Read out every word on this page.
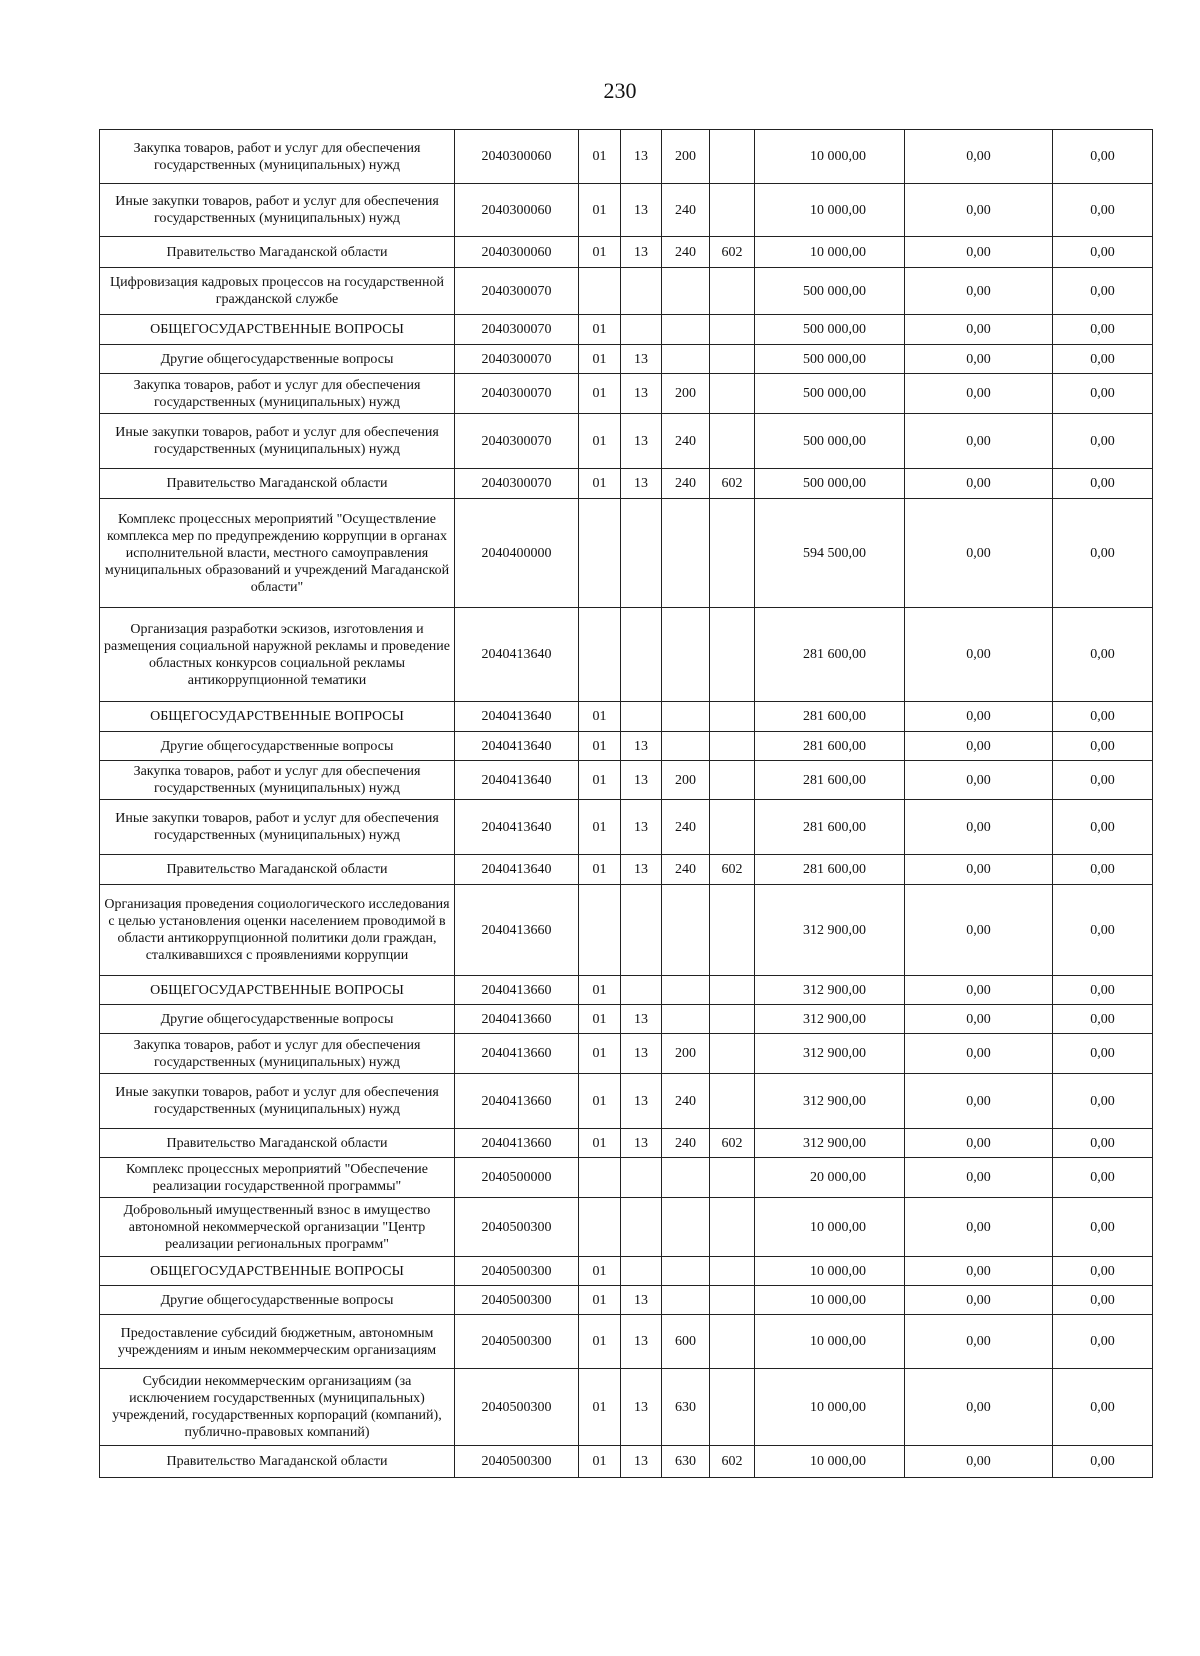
230
Закупка товаров, работ и услуг для обеспечения государственных (муниципальных) нужд	2040300060	01	13	200		10 000,00	0,00	0,00
Иные закупки товаров, работ и услуг для обеспечения государственных (муниципальных) нужд	2040300060	01	13	240		10 000,00	0,00	0,00
Правительство Магаданской области	2040300060	01	13	240	602	10 000,00	0,00	0,00
Цифровизация кадровых процессов на государственной гражданской службе	2040300070					500 000,00	0,00	0,00
ОБЩЕГОСУДАРСТВЕННЫЕ ВОПРОСЫ	2040300070	01				500 000,00	0,00	0,00
Другие общегосударственные вопросы	2040300070	01	13			500 000,00	0,00	0,00
Закупка товаров, работ и услуг для обеспечения государственных (муниципальных) нужд	2040300070	01	13	200		500 000,00	0,00	0,00
Иные закупки товаров, работ и услуг для обеспечения государственных (муниципальных) нужд	2040300070	01	13	240		500 000,00	0,00	0,00
Правительство Магаданской области	2040300070	01	13	240	602	500 000,00	0,00	0,00
Комплекс процессных мероприятий "Осуществление комплекса мер по предупреждению коррупции в органах исполнительной власти, местного самоуправления муниципальных образований и учреждений Магаданской области"	2040400000					594 500,00	0,00	0,00
Организация разработки эскизов, изготовления и размещения социальной наружной рекламы и проведение областных конкурсов социальной рекламы антикоррупционной тематики	2040413640					281 600,00	0,00	0,00
ОБЩЕГОСУДАРСТВЕННЫЕ ВОПРОСЫ	2040413640	01				281 600,00	0,00	0,00
Другие общегосударственные вопросы	2040413640	01	13			281 600,00	0,00	0,00
Закупка товаров, работ и услуг для обеспечения государственных (муниципальных) нужд	2040413640	01	13	200		281 600,00	0,00	0,00
Иные закупки товаров, работ и услуг для обеспечения государственных (муниципальных) нужд	2040413640	01	13	240		281 600,00	0,00	0,00
Правительство Магаданской области	2040413640	01	13	240	602	281 600,00	0,00	0,00
Организация проведения социологического исследования с целью установления оценки населением проводимой в области антикоррупционной политики доли граждан, сталкивавшихся с проявлениями коррупции	2040413660					312 900,00	0,00	0,00
ОБЩЕГОСУДАРСТВЕННЫЕ ВОПРОСЫ	2040413660	01				312 900,00	0,00	0,00
Другие общегосударственные вопросы	2040413660	01	13			312 900,00	0,00	0,00
Закупка товаров, работ и услуг для обеспечения государственных (муниципальных) нужд	2040413660	01	13	200		312 900,00	0,00	0,00
Иные закупки товаров, работ и услуг для обеспечения государственных (муниципальных) нужд	2040413660	01	13	240		312 900,00	0,00	0,00
Правительство Магаданской области	2040413660	01	13	240	602	312 900,00	0,00	0,00
Комплекс процессных мероприятий "Обеспечение реализации государственной программы"	2040500000					20 000,00	0,00	0,00
Добровольный имущественный взнос в имущество автономной некоммерческой организации "Центр реализации региональных программ"	2040500300					10 000,00	0,00	0,00
ОБЩЕГОСУДАРСТВЕННЫЕ ВОПРОСЫ	2040500300	01				10 000,00	0,00	0,00
Другие общегосударственные вопросы	2040500300	01	13			10 000,00	0,00	0,00
Предоставление субсидий бюджетным, автономным учреждениям и иным некоммерческим организациям	2040500300	01	13	600		10 000,00	0,00	0,00
Субсидии некоммерческим организациям (за исключением государственных (муниципальных) учреждений, государственных корпораций (компаний), публично-правовых компаний)	2040500300	01	13	630		10 000,00	0,00	0,00
Правительство Магаданской области	2040500300	01	13	630	602	10 000,00	0,00	0,00
